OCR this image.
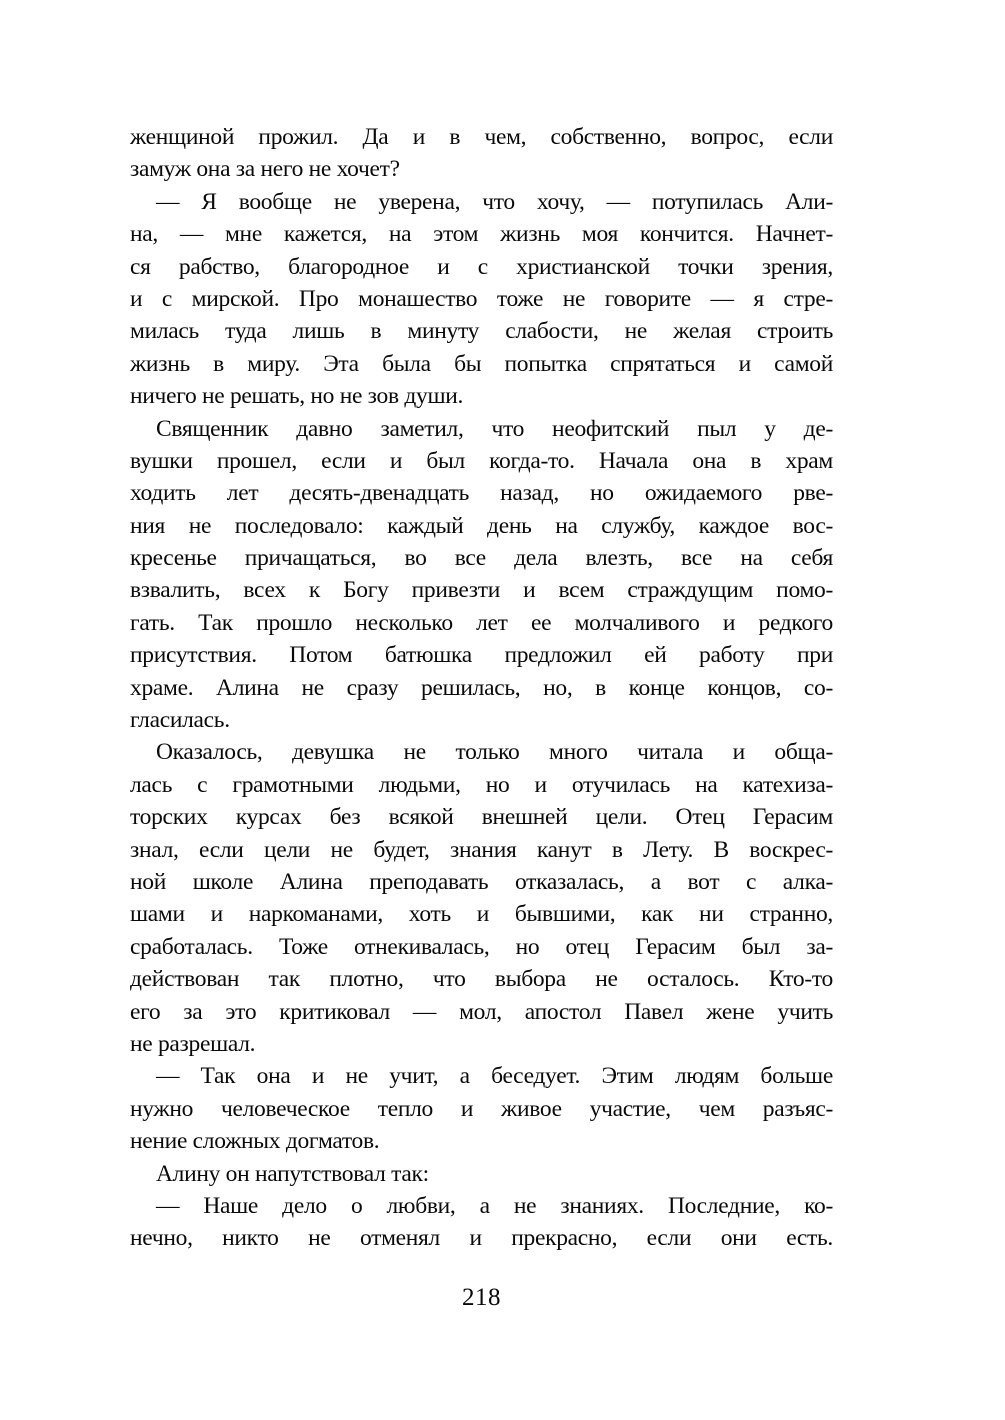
женщиной прожил. Да и в чем, собственно, вопрос, если
замуж она за него не хочет?
— Я вообще не уверена, что хочу, — потупилась Али-
на, — мне кажется, на этом жизнь моя кончится. Начнет-
ся рабство, благородное и с христианской точки зрения,
и с мирской. Про монашество тоже не говорите — я стре-
милась туда лишь в минуту слабости, не желая строить
жизнь в миру. Эта была бы попытка спрятаться и самой
ничего не решать, но не зов души.
Священник давно заметил, что неофитский пыл у де-
вушки прошел, если и был когда-то. Начала она в храм
ходить лет десять-двенадцать назад, но ожидаемого рве-
ния не последовало: каждый день на службу, каждое вос-
кресенье причащаться, во все дела влезть, все на себя
взвалить, всех к Богу привезти и всем страждущим помо-
гать. Так прошло несколько лет ее молчаливого и редкого
присутствия. Потом батюшка предложил ей работу при
храме. Алина не сразу решилась, но, в конце концов, со-
гласилась.
Оказалось, девушка не только много читала и обща-
лась с грамотными людьми, но и отучилась на катехиза-
торских курсах без всякой внешней цели. Отец Герасим
знал, если цели не будет, знания канут в Лету. В воскрес-
ной школе Алина преподавать отказалась, а вот с алка-
шами и наркоманами, хоть и бывшими, как ни странно,
сработалась. Тоже отнекивалась, но отец Герасим был за-
действован так плотно, что выбора не осталось. Кто-то
его за это критиковал — мол, апостол Павел жене учить
не разрешал.
— Так она и не учит, а беседует. Этим людям больше
нужно человеческое тепло и живое участие, чем разъяс-
нение сложных догматов.
Алину он напутствовал так:
— Наше дело о любви, а не знаниях. Последние, ко-
нечно, никто не отменял и прекрасно, если они есть.
218
